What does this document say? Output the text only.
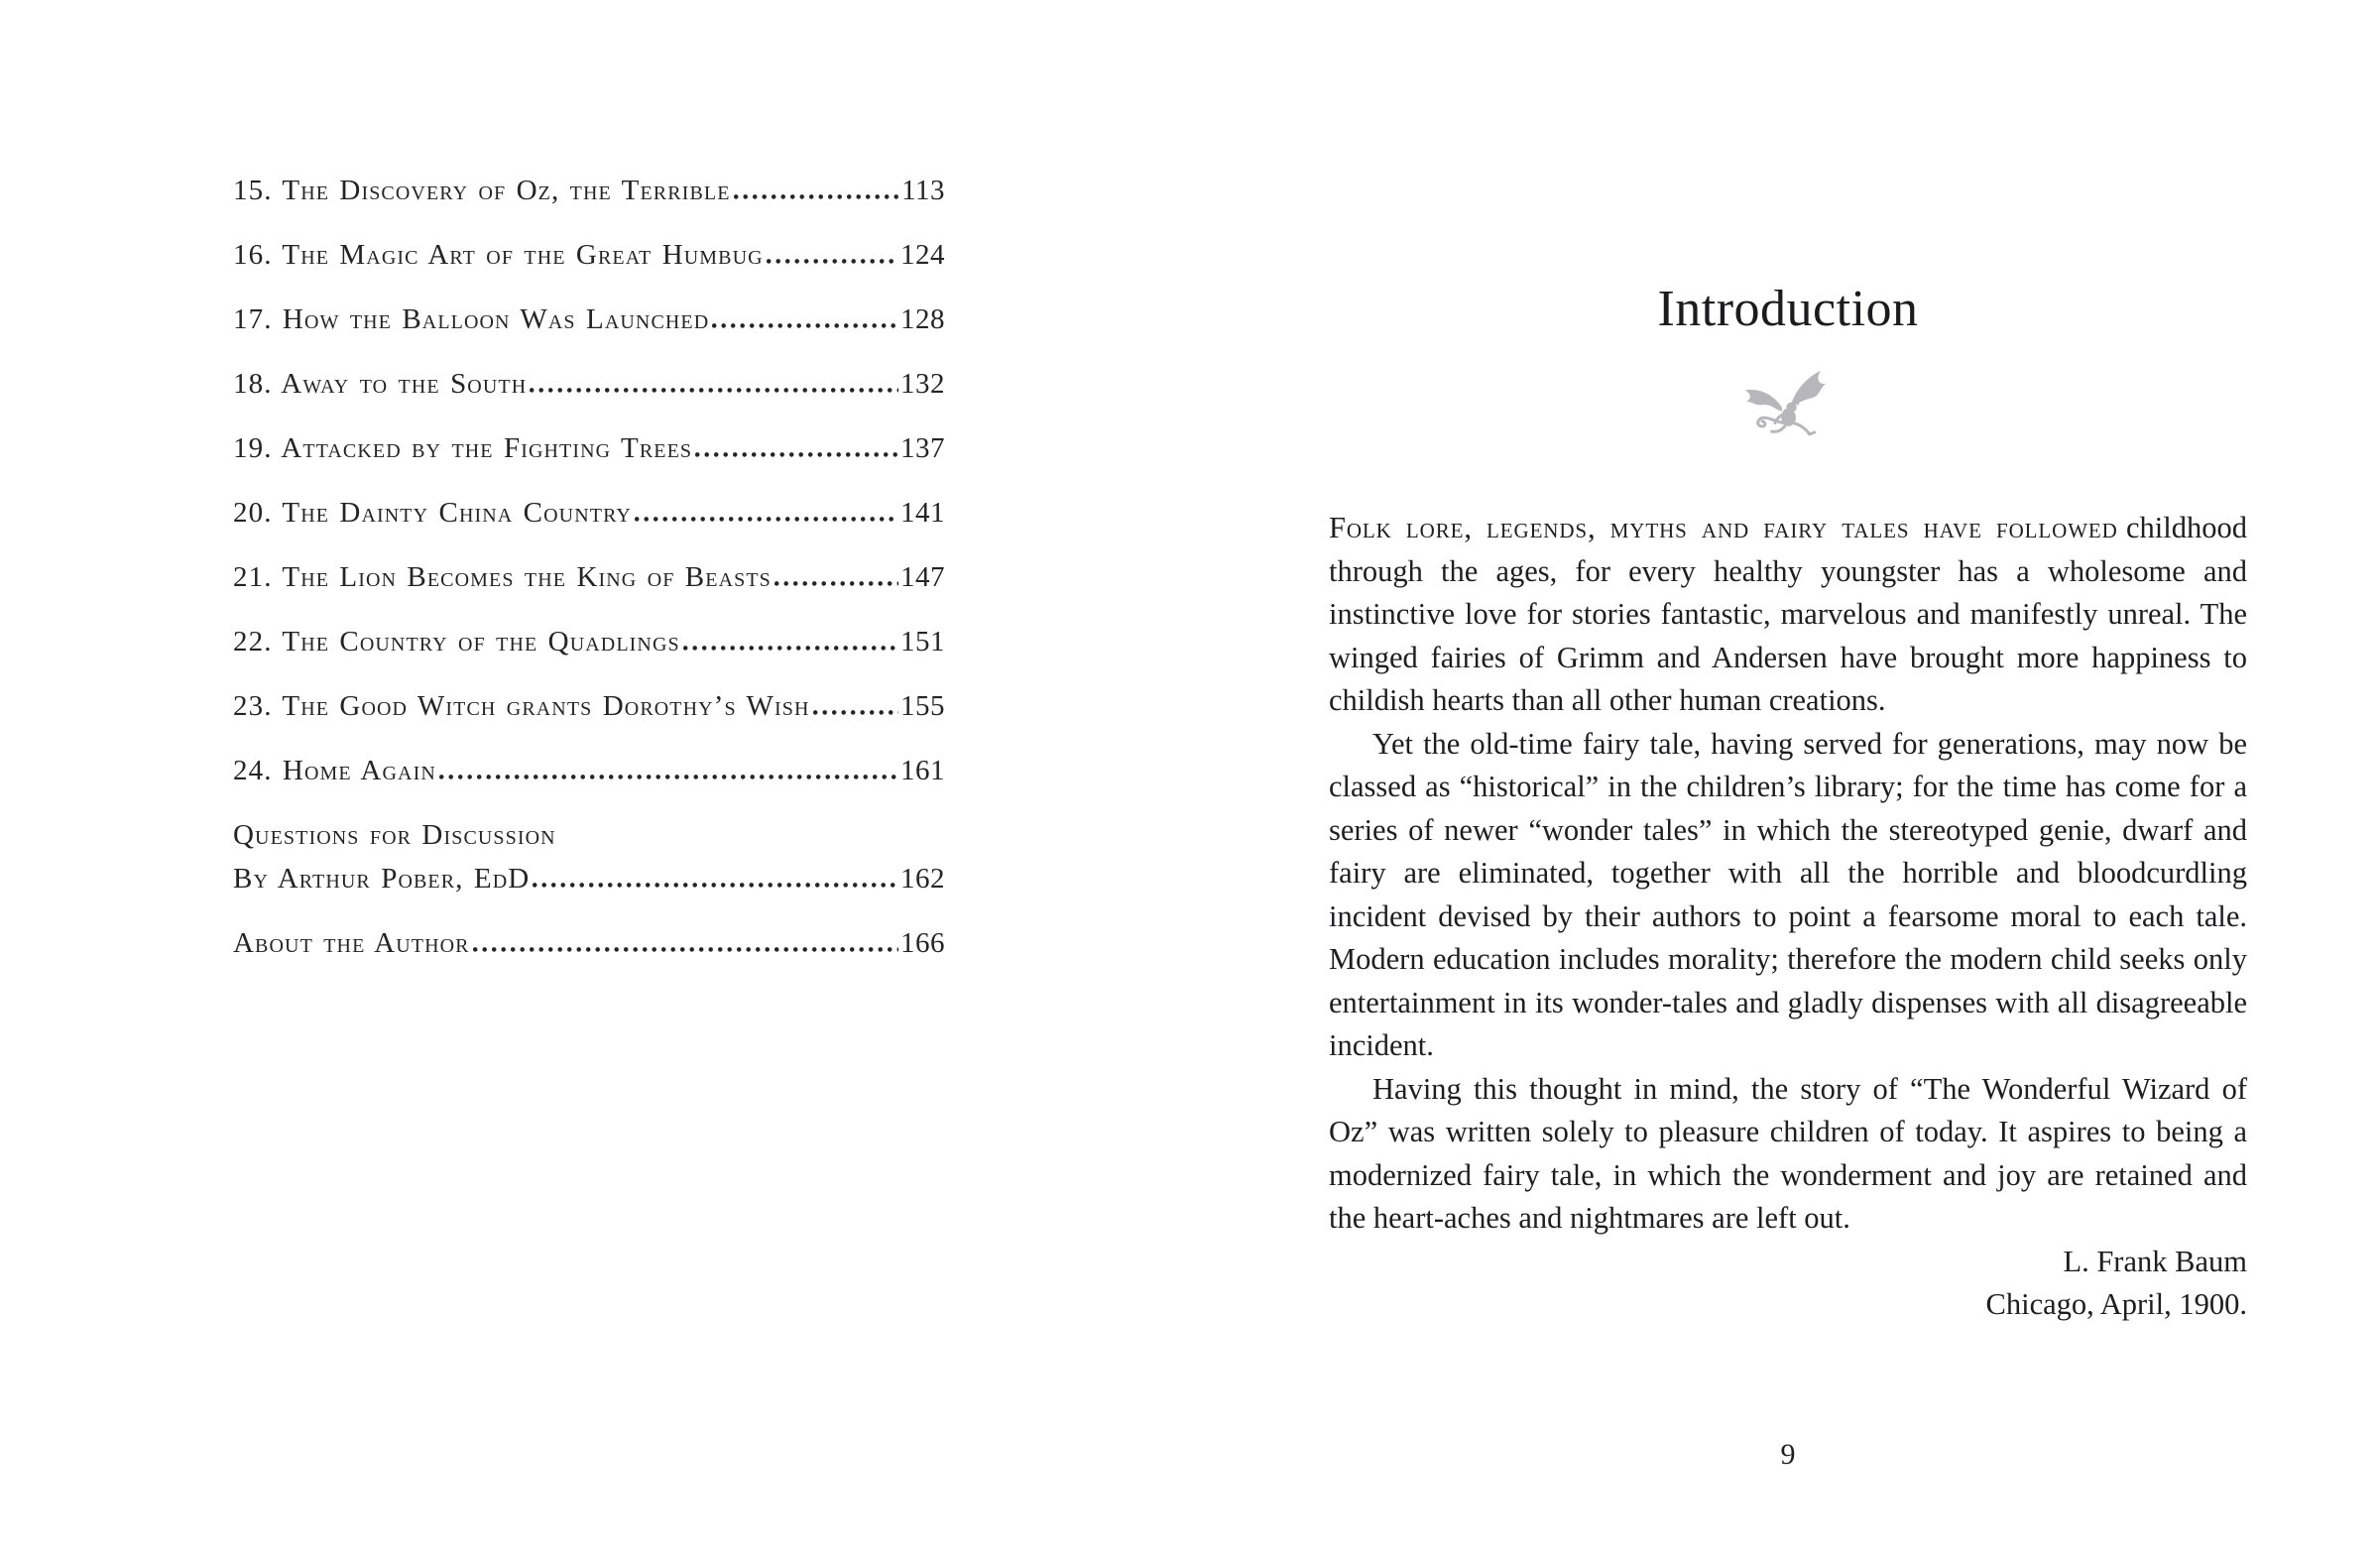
15. The Discovery of Oz, the Terrible	113
16. The Magic Art of the Great Humbug	124
17. How the Balloon Was Launched	128
18. Away to the South	132
19. Attacked by the Fighting Trees	137
20. The Dainty China Country	141
21. The Lion Becomes the King of Beasts	147
22. The Country of the Quadlings	151
23. The Good Witch grants Dorothy’s Wish	155
24. Home Again	161
Questions for Discussion
By Arthur Pober, EdD	162
About the Author	166
Introduction

Folk lore, legends, myths and fairy tales have followed childhood through the ages, for every healthy youngster has a wholesome and instinctive love for stories fantastic, marvelous and manifestly unreal. The winged fairies of Grimm and Andersen have brought more happiness to childish hearts than all other human creations.

Yet the old-time fairy tale, having served for generations, may now be classed as “historical” in the children’s library; for the time has come for a series of newer “wonder tales” in which the stereotyped genie, dwarf and fairy are eliminated, together with all the horrible and bloodcurdling incident devised by their authors to point a fearsome moral to each tale. Modern education includes morality; therefore the modern child seeks only entertainment in its wonder-tales and gladly dispenses with all disagreeable incident.

Having this thought in mind, the story of “The Wonderful Wizard of Oz” was written solely to pleasure children of today. It aspires to being a modernized fairy tale, in which the wonderment and joy are retained and the heart-aches and nightmares are left out.

L. Frank Baum
Chicago, April, 1900.
9
